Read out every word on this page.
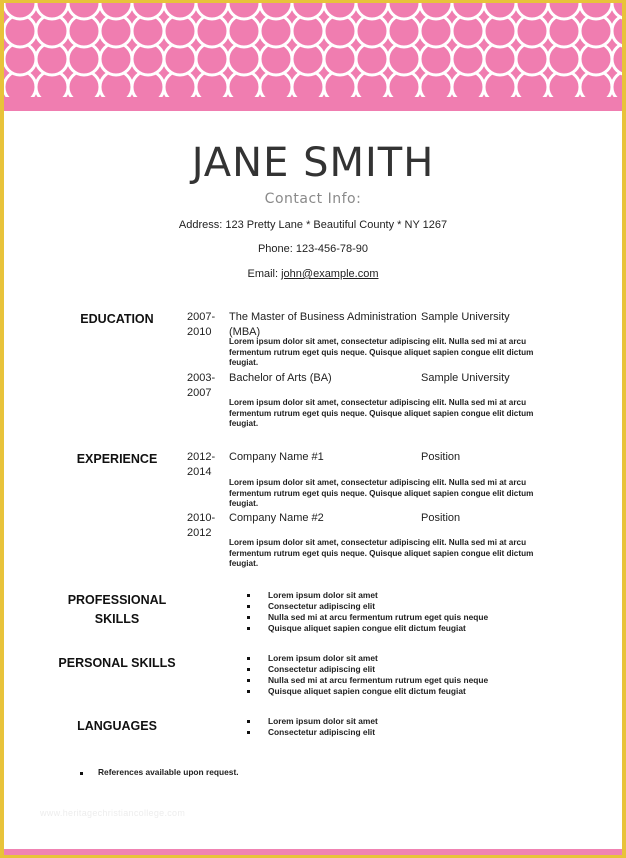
JANE SMITH
Contact Info:
Address: 123 Pretty Lane * Beautiful County * NY 1267
Phone: 123-456-78-90
Email: john@example.com
EDUCATION	2007-
2010
The Master of Business Administration (MBA)
Sample University
Lorem ipsum dolor sit amet, consectetur adipiscing elit. Nulla sed mi at arcu fermentum rutrum eget quis neque. Quisque aliquet sapien congue elit dictum feugiat.
2003-
2007
Bachelor of Arts (BA)	Sample University
Lorem ipsum dolor sit amet, consectetur adipiscing elit. Nulla sed mi at arcu fermentum rutrum eget quis neque. Quisque aliquet sapien congue elit dictum feugiat.
EXPERIENCE	2012-
2014
Company Name #1	Position
Lorem ipsum dolor sit amet, consectetur adipiscing elit. Nulla sed mi at arcu fermentum rutrum eget quis neque. Quisque aliquet sapien congue elit dictum feugiat.
2010-
2012
Company Name #2	Position
Lorem ipsum dolor sit amet, consectetur adipiscing elit. Nulla sed mi at arcu fermentum rutrum eget quis neque. Quisque aliquet sapien congue elit dictum feugiat.
PROFESSIONAL
SKILLS
Lorem ipsum dolor sit amet
Consectetur adipiscing elit
Nulla sed mi at arcu fermentum rutrum eget quis neque
Quisque aliquet sapien congue elit dictum feugiat
PERSONAL SKILLS	Lorem ipsum dolor sit amet
Consectetur adipiscing elit
Nulla sed mi at arcu fermentum rutrum eget quis neque
Quisque aliquet sapien congue elit dictum feugiat
LANGUAGES	Lorem ipsum dolor sit amet
Consectetur adipiscing elit
References available upon request.
www.heritagechristiancollege.com
